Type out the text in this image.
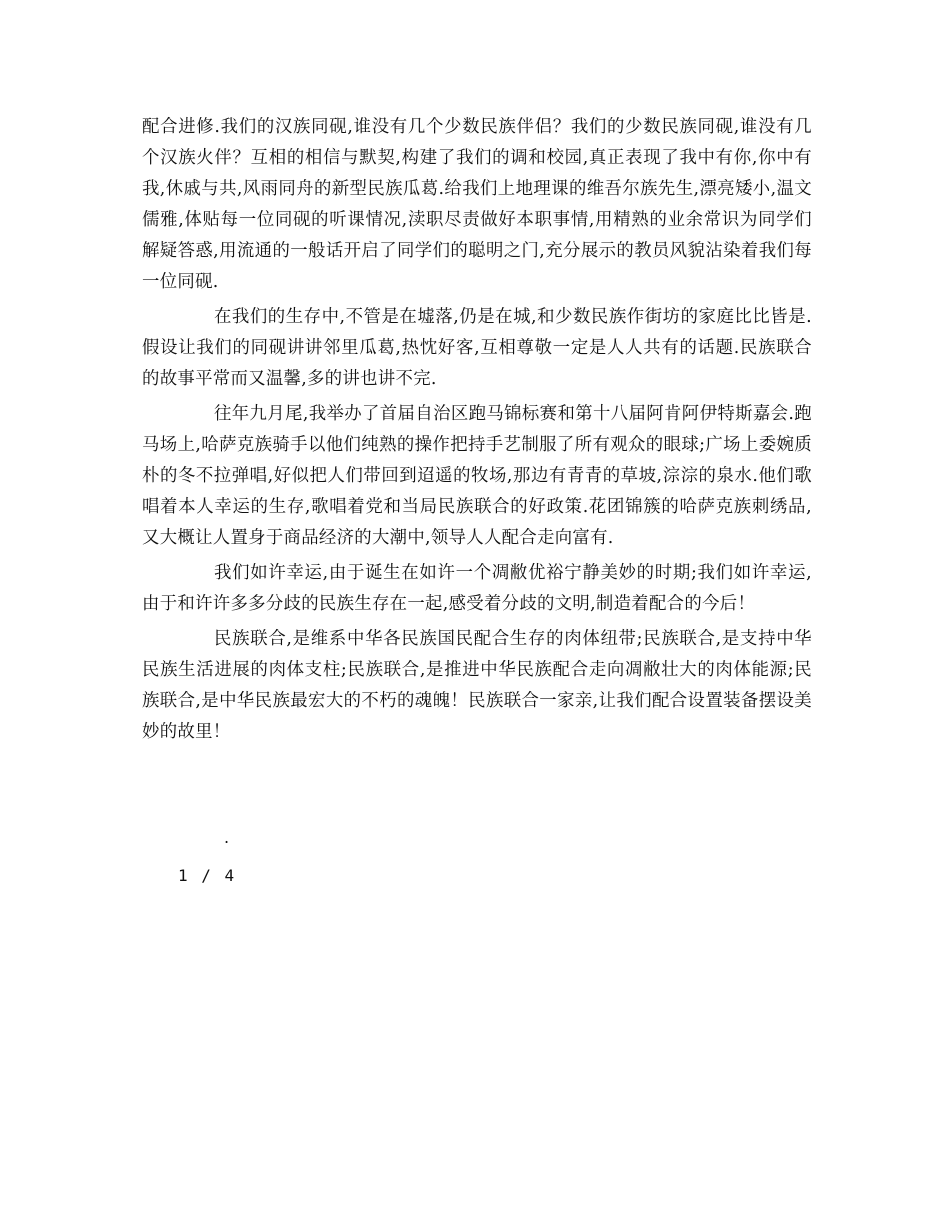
配合进修.我们的汉族同砚,谁没有几个少数民族伴侣？我们的少数民族同砚,谁没有几个汉族火伴？互相的相信与默契,构建了我们的调和校园,真正表现了我中有你,你中有我,休戚与共,风雨同舟的新型民族瓜葛.给我们上地理课的维吾尔族先生,漂亮矮小,温文儒雅,体贴每一位同砚的听课情况,渎职尽责做好本职事情,用精熟的业余常识为同学们解疑答惑,用流通的一般话开启了同学们的聪明之门,充分展示的教员风貌沾染着我们每一位同砚.

在我们的生存中,不管是在墟落,仍是在城,和少数民族作街坊的家庭比比皆是.假设让我们的同砚讲讲邻里瓜葛,热忱好客,互相尊敬一定是人人共有的话题.民族联合的故事平常而又温馨,多的讲也讲不完.

往年九月尾,我举办了首届自治区跑马锦标赛和第十八届阿肯阿伊特斯嘉会.跑马场上,哈萨克族骑手以他们纯熟的操作把持手艺制服了所有观众的眼球;广场上委婉质朴的冬不拉弹唱,好似把人们带回到迢遥的牧场,那边有青青的草坡,淙淙的泉水.他们歌唱着本人幸运的生存,歌唱着党和当局民族联合的好政策.花团锦簇的哈萨克族刺绣品,又大概让人置身于商品经济的大潮中,领导人人配合走向富有.

我们如许幸运,由于诞生在如许一个凋敝优裕宁静美妙的时期;我们如许幸运,由于和许许多多分歧的民族生存在一起,感受着分歧的文明,制造着配合的今后！

民族联合,是维系中华各民族国民配合生存的肉体纽带;民族联合,是支持中华民族生活进展的肉体支柱;民族联合,是推进中华民族配合走向凋敝壮大的肉体能源;民族联合,是中华民族最宏大的不朽的魂魄！民族联合一家亲,让我们配合设置装备摆设美妙的故里！

.
1 / 4
